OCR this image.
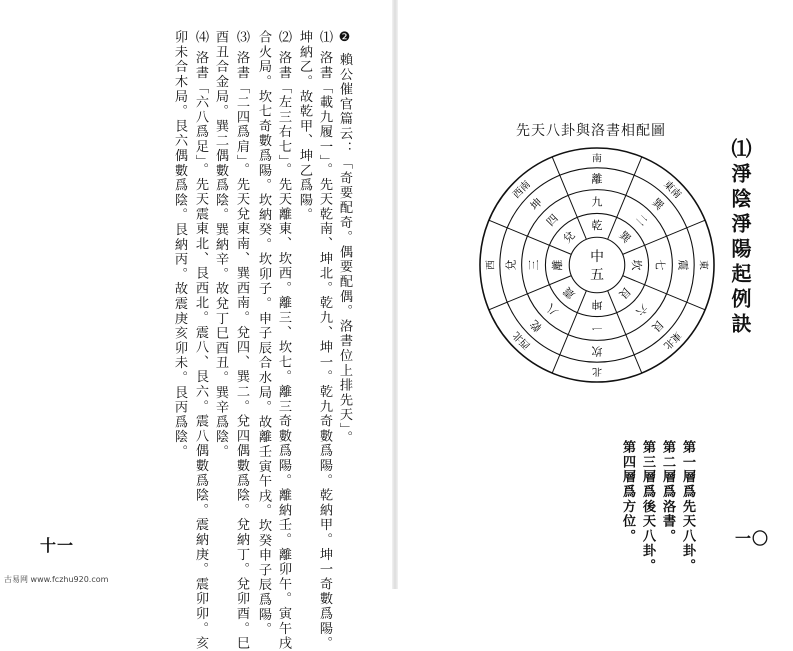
❷ 賴公催官篇云：「奇要配奇。偶要配偶。洛書位上排先天」。
⑴ 洛書「載九履一」。先天乾南、坤北。乾九、坤一。乾九奇數爲陽。乾納甲。坤一奇數爲陽。
坤納乙。故乾甲、坤乙爲陽。
⑵ 洛書「左三右七」。先天離東、坎西。離三、坎七。離三奇數爲陽。離納壬。離卯午。寅午戌
合火局。坎七奇數爲陽。坎納癸。坎卯子。申子辰合水局。故離壬寅午戌。坎癸申子辰爲陽。
⑶ 洛書「二四爲肩」。先天兌東南、巽西南。兌四、巽二。兌四偶數爲陰。兌納丁。兌卯酉。巳
酉丑合金局。巽二偶數爲陰。巽納辛。故兌丁巳酉丑。巽辛爲陰。
⑷ 洛書「六八爲足」。先天震東北、艮西北。震八、艮六。震八偶數爲陰。震納庚。震卯卯。亥
卯未合木局。艮六偶數爲陰。艮納丙。故震庚亥卯未。艮丙爲陰。
十一
⑴淨陰淨陽起例訣
先天八卦與洛書相配圖
中
五
乾
兌
離
震
坤
艮
坎
巽
九
四
三
八
一
六
七
二
離
坤
兌
乾
坎
艮
震
巽
南
西南
西
西北
北
東北
東
東南
第一層爲先天八卦。
第二層爲洛書。
第三層爲後天八卦。
第四層爲方位。	一〇
古易网 www.fczhu920.com
